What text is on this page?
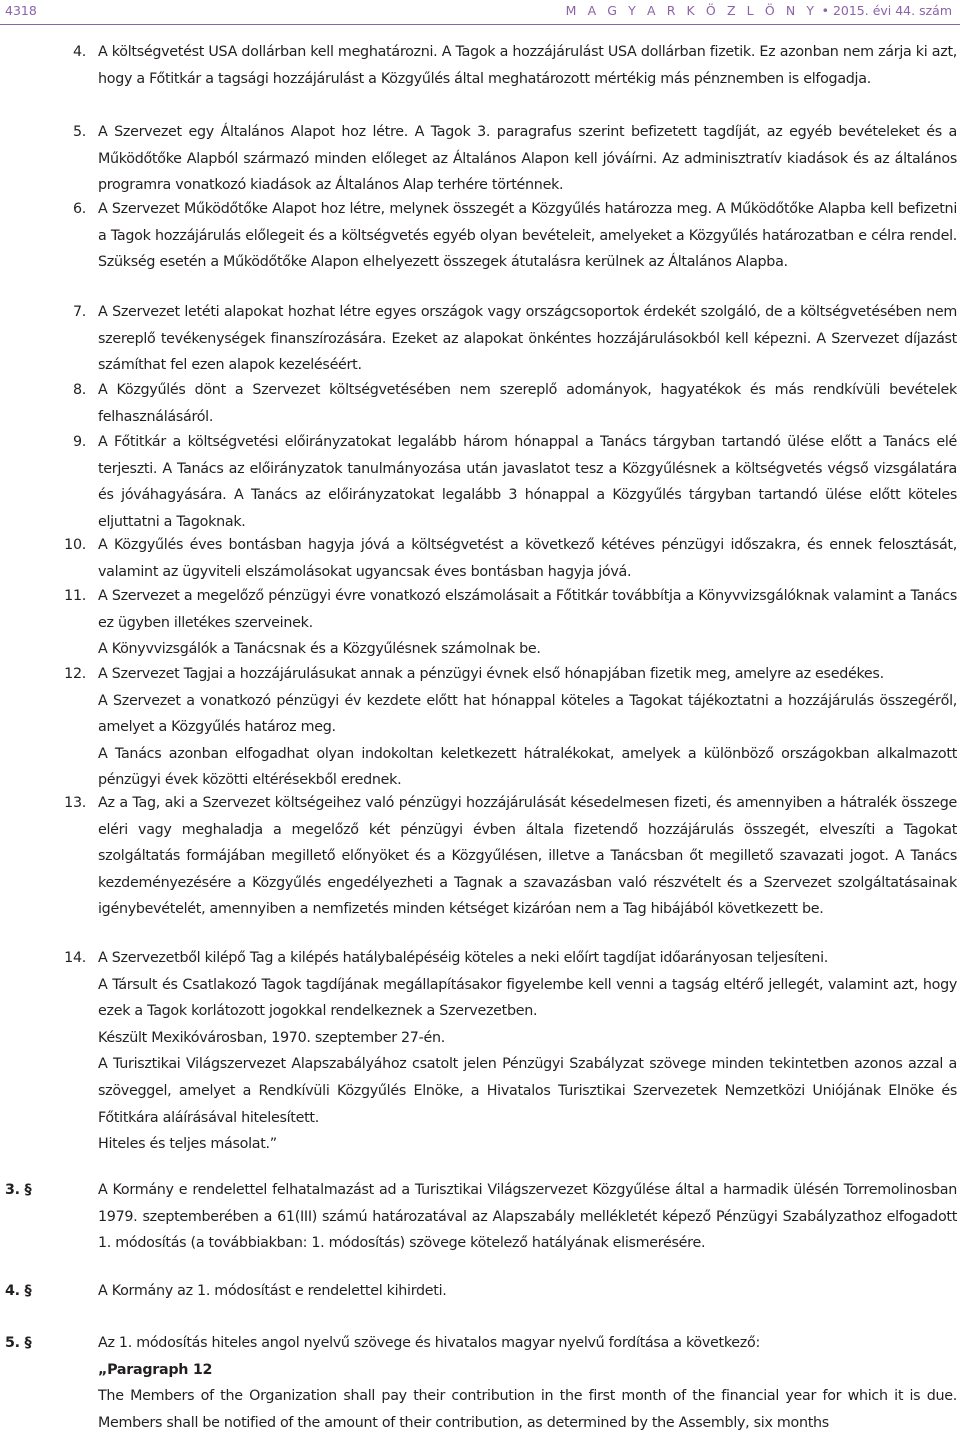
4318	M A G Y A R K Ö Z L Ö N Y • 2015. évi 44. szám
4. A költségvetést USA dollárban kell meghatározni. A Tagok a hozzájárulást USA dollárban fizetik. Ez azonban nem zárja ki azt, hogy a Főtitkár a tagsági hozzájárulást a Közgyűlés által meghatározott mértékig más pénznemben is elfogadja.
5. A Szervezet egy Általános Alapot hoz létre. A Tagok 3. paragrafus szerint befizetett tagdíját, az egyéb bevételeket és a Működőtőke Alapból származó minden előleget az Általános Alapon kell jóváírni. Az adminisztratív kiadások és az általános programra vonatkozó kiadások az Általános Alap terhére történnek.
6. A Szervezet Működőtőke Alapot hoz létre, melynek összegét a Közgyűlés határozza meg. A Működőtőke Alapba kell befizetni a Tagok hozzájárulás előlegeit és a költségvetés egyéb olyan bevételeit, amelyeket a Közgyűlés határozatban e célra rendel. Szükség esetén a Működőtőke Alapon elhelyezett összegek átutalásra kerülnek az Általános Alapba.
7. A Szervezet letéti alapokat hozhat létre egyes országok vagy országcsoportok érdekét szolgáló, de a költségvetésében nem szereplő tevékenységek finanszírozására. Ezeket az alapokat önkéntes hozzájárulásokból kell képezni. A Szervezet díjazást számíthat fel ezen alapok kezeléséért.
8. A Közgyűlés dönt a Szervezet költségvetésében nem szereplő adományok, hagyatékok és más rendkívüli bevételek felhasználásáról.
9. A Főtitkár a költségvetési előirányzatokat legalább három hónappal a Tanács tárgyban tartandó ülése előtt a Tanács elé terjeszti. A Tanács az előirányzatok tanulmányozása után javaslatot tesz a Közgyűlésnek a költségvetés végső vizsgálatára és jóváhagyására. A Tanács az előirányzatokat legalább 3 hónappal a Közgyűlés tárgyban tartandó ülése előtt köteles eljuttatni a Tagoknak.
10. A Közgyűlés éves bontásban hagyja jóvá a költségvetést a következő kétéves pénzügyi időszakra, és ennek felosztását, valamint az ügyviteli elszámolásokat ugyancsak éves bontásban hagyja jóvá.
11. A Szervezet a megelőző pénzügyi évre vonatkozó elszámolásait a Főtitkár továbbítja a Könyvvizsgálóknak valamint a Tanács ez ügyben illetékes szerveinek.
A Könyvvizsgálók a Tanácsnak és a Közgyűlésnek számolnak be.
12. A Szervezet Tagjai a hozzájárulásukat annak a pénzügyi évnek első hónapjában fizetik meg, amelyre az esedékes.
A Szervezet a vonatkozó pénzügyi év kezdete előtt hat hónappal köteles a Tagokat tájékoztatni a hozzájárulás összegéről, amelyet a Közgyűlés határoz meg.
A Tanács azonban elfogadhat olyan indokoltan keletkezett hátralékokat, amelyek a különböző országokban alkalmazott pénzügyi évek közötti eltérésekből erednek.
13. Az a Tag, aki a Szervezet költségeihez való pénzügyi hozzájárulását késedelmesen fizeti, és amennyiben a hátralék összege eléri vagy meghaladja a megelőző két pénzügyi évben általa fizetendő hozzájárulás összegét, elveszíti a Tagokat szolgáltatás formájában megillető előnyöket és a Közgyűlésen, illetve a Tanácsban őt megillető szavazati jogot. A Tanács kezdeményezésére a Közgyűlés engedélyezheti a Tagnak a szavazásban való részvételt és a Szervezet szolgáltatásainak igénybevételét, amennyiben a nemfizetés minden kétséget kizáróan nem a Tag hibájából következett be.
14. A Szervezetből kilépő Tag a kilépés hatálybalépéséig köteles a neki előírt tagdíjat időarányosan teljesíteni.
A Társult és Csatlakozó Tagok tagdíjának megállapításakor figyelembe kell venni a tagság eltérő jellegét, valamint azt, hogy ezek a Tagok korlátozott jogokkal rendelkeznek a Szervezetben.
Készült Mexikóvárosban, 1970. szeptember 27-én.
A Turisztikai Világszervezet Alapszabályához csatolt jelen Pénzügyi Szabályzat szövege minden tekintetben azonos azzal a szöveggel, amelyet a Rendkívüli Közgyűlés Elnöke, a Hivatalos Turisztikai Szervezetek Nemzetközi Uniójának Elnöke és Főtitkára aláírásával hitelesített.
Hiteles és teljes másolat.”
3. §	A Kormány e rendelettel felhatalmazást ad a Turisztikai Világszervezet Közgyűlése által a harmadik ülésén Torremolinosban 1979. szeptemberében a 61(III) számú határozatával az Alapszabály mellékletét képező Pénzügyi Szabályzathoz elfogadott 1. módosítás (a továbbiakban: 1. módosítás) szövege kötelező hatályának elismerésére.
4. §	A Kormány az 1. módosítást e rendelettel kihirdeti.
5. §	Az 1. módosítás hiteles angol nyelvű szövege és hivatalos magyar nyelvű fordítása a következő:
„Paragraph 12
The Members of the Organization shall pay their contribution in the first month of the financial year for which it is due. Members shall be notified of the amount of their contribution, as determined by the Assembly, six months
